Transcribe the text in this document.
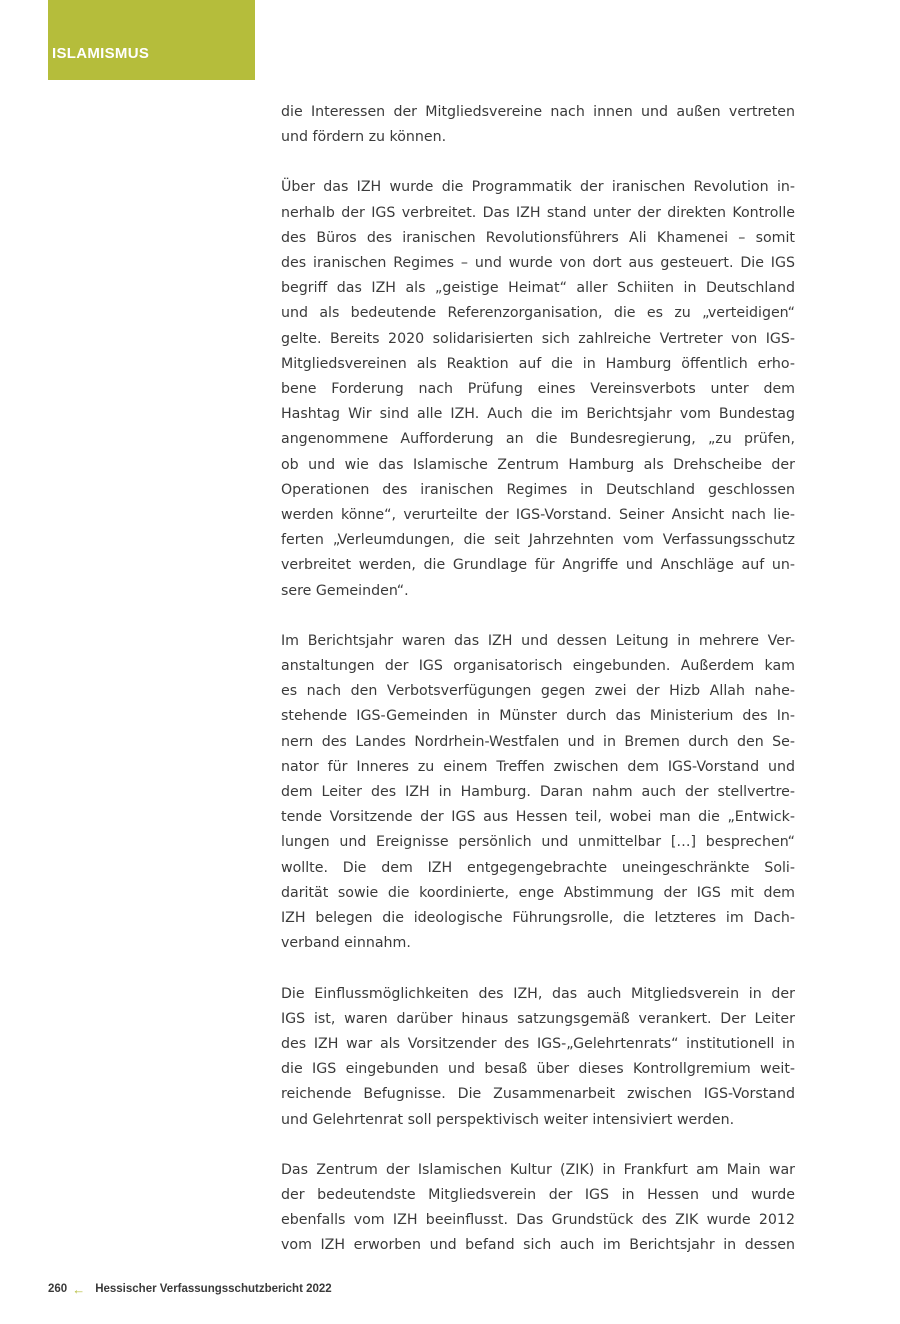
ISLAMISMUS

die Interessen der Mitgliedsvereine nach innen und außen vertreten
und fördern zu können.

Über das IZH wurde die Programmatik der iranischen Revolution in-
nerhalb der IGS verbreitet. Das IZH stand unter der direkten Kontrolle
des Büros des iranischen Revolutionsführers Ali Khamenei – somit
des iranischen Regimes – und wurde von dort aus gesteuert. Die IGS
begriff das IZH als „geistige Heimat“ aller Schiiten in Deutschland
und als bedeutende Referenzorganisation, die es zu „verteidigen“
gelte. Bereits 2020 solidarisierten sich zahlreiche Vertreter von IGS-
Mitgliedsvereinen als Reaktion auf die in Hamburg öffentlich erho-
bene Forderung nach Prüfung eines Vereinsverbots unter dem
Hashtag Wir sind alle IZH. Auch die im Berichtsjahr vom Bundestag
angenommene Aufforderung an die Bundesregierung, „zu prüfen,
ob und wie das Islamische Zentrum Hamburg als Drehscheibe der
Operationen des iranischen Regimes in Deutschland geschlossen
werden könne“, verurteilte der IGS-Vorstand. Seiner Ansicht nach lie-
ferten „Verleumdungen, die seit Jahrzehnten vom Verfassungsschutz
verbreitet werden, die Grundlage für Angriffe und Anschläge auf un-
sere Gemeinden“.

Im Berichtsjahr waren das IZH und dessen Leitung in mehrere Ver-
anstaltungen der IGS organisatorisch eingebunden. Außerdem kam
es nach den Verbotsverfügungen gegen zwei der Hizb Allah nahe-
stehende IGS-Gemeinden in Münster durch das Ministerium des In-
nern des Landes Nordrhein-Westfalen und in Bremen durch den Se-
nator für Inneres zu einem Treffen zwischen dem IGS-Vorstand und
dem Leiter des IZH in Hamburg. Daran nahm auch der stellvertre-
tende Vorsitzende der IGS aus Hessen teil, wobei man die „Entwick-
lungen und Ereignisse persönlich und unmittelbar […] besprechen“
wollte. Die dem IZH entgegengebrachte uneingeschränkte Soli-
darität sowie die koordinierte, enge Abstimmung der IGS mit dem
IZH belegen die ideologische Führungsrolle, die letzteres im Dach-
verband einnahm.

Die Einflussmöglichkeiten des IZH, das auch Mitgliedsverein in der
IGS ist, waren darüber hinaus satzungsgemäß verankert. Der Leiter
des IZH war als Vorsitzender des IGS-„Gelehrtenrats“ institutionell in
die IGS eingebunden und besaß über dieses Kontrollgremium weit-
reichende Befugnisse. Die Zusammenarbeit zwischen IGS-Vorstand
und Gelehrtenrat soll perspektivisch weiter intensiviert werden.

Das Zentrum der Islamischen Kultur (ZIK) in Frankfurt am Main war
der bedeutendste Mitgliedsverein der IGS in Hessen und wurde
ebenfalls vom IZH beeinflusst. Das Grundstück des ZIK wurde 2012
vom IZH erworben und befand sich auch im Berichtsjahr in dessen

260 ← Hessischer Verfassungsschutzbericht 2022
